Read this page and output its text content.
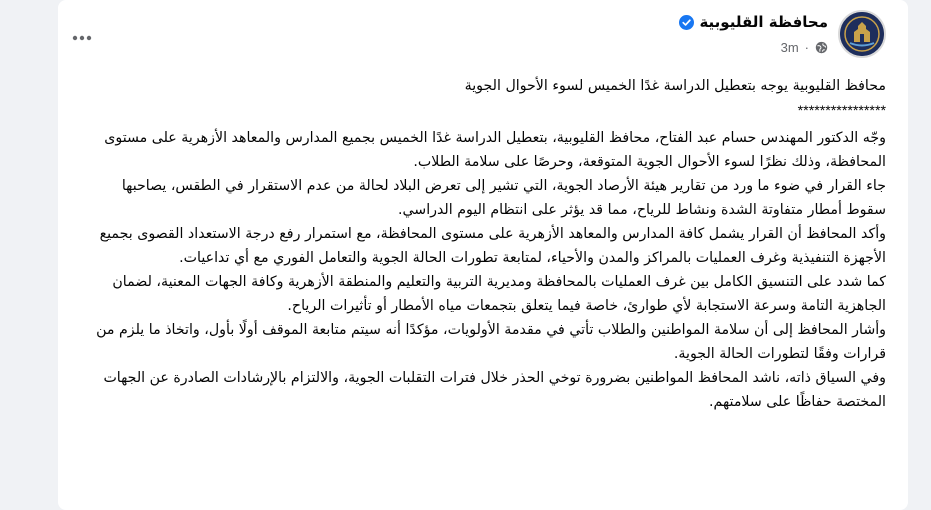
محافظة القليوبية
3m ·

محافظ القليوبية يوجه بتعطيل الدراسة غدًا الخميس لسوء الأحوال الجوية

****************

وجّه الدكتور المهندس حسام عبد الفتاح، محافظ القليوبية، بتعطيل الدراسة غدًا الخميس بجميع المدارس والمعاهد الأزهرية على مستوى المحافظة، وذلك نظرًا لسوء الأحوال الجوية المتوقعة، وحرصًا على سلامة الطلاب.

جاء القرار في ضوء ما ورد من تقارير هيئة الأرصاد الجوية، التي تشير إلى تعرض البلاد لحالة من عدم الاستقرار في الطقس، يصاحبها سقوط أمطار متفاوتة الشدة ونشاط للرياح، مما قد يؤثر على انتظام اليوم الدراسي.

وأكد المحافظ أن القرار يشمل كافة المدارس والمعاهد الأزهرية على مستوى المحافظة، مع استمرار رفع درجة الاستعداد القصوى بجميع الأجهزة التنفيذية وغرف العمليات بالمراكز والمدن والأحياء، لمتابعة تطورات الحالة الجوية والتعامل الفوري مع أي تداعيات.

كما شدد على التنسيق الكامل بين غرف العمليات بالمحافظة ومديرية التربية والتعليم والمنطقة الأزهرية وكافة الجهات المعنية، لضمان الجاهزية التامة وسرعة الاستجابة لأي طوارئ، خاصة فيما يتعلق بتجمعات مياه الأمطار أو تأثيرات الرياح.

وأشار المحافظ إلى أن سلامة المواطنين والطلاب تأتي في مقدمة الأولويات، مؤكدًا أنه سيتم متابعة الموقف أولًا بأول، واتخاذ ما يلزم من قرارات وفقًا لتطورات الحالة الجوية.

وفي السياق ذاته، ناشد المحافظ المواطنين بضرورة توخي الحذر خلال فترات التقلبات الجوية، والالتزام بالإرشادات الصادرة عن الجهات المختصة حفاظًا على سلامتهم.
